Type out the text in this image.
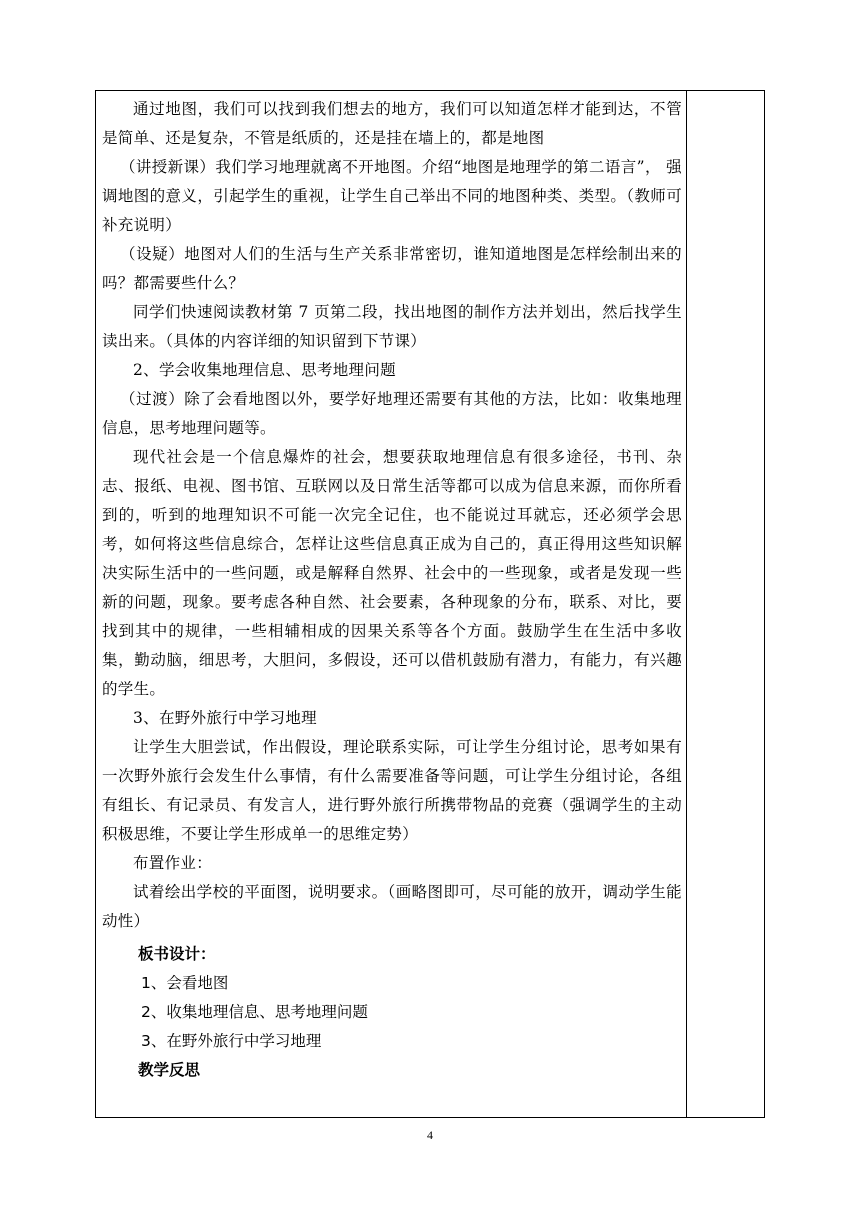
通过地图，我们可以找到我们想去的地方，我们可以知道怎样才能到达，不管是简单、还是复杂，不管是纸质的，还是挂在墙上的，都是地图

（讲授新课）我们学习地理就离不开地图。介绍“地图是地理学的第二语言”， 强调地图的意义，引起学生的重视，让学生自己举出不同的地图种类、类型。（教师可补充说明）

（设疑）地图对人们的生活与生产关系非常密切，谁知道地图是怎样绘制出来的吗？都需要些什么？

同学们快速阅读教材第 7 页第二段，找出地图的制作方法并划出，然后找学生读出来。（具体的内容详细的知识留到下节课）

2、学会收集地理信息、思考地理问题

（过渡）除了会看地图以外，要学好地理还需要有其他的方法，比如：收集地理信息，思考地理问题等。

现代社会是一个信息爆炸的社会，想要获取地理信息有很多途径，书刊、杂志、报纸、电视、图书馆、互联网以及日常生活等都可以成为信息来源，而你所看到的，听到的地理知识不可能一次完全记住，也不能说过耳就忘，还必须学会思考，如何将这些信息综合，怎样让这些信息真正成为自己的，真正得用这些知识解决实际生活中的一些问题，或是解释自然界、社会中的一些现象，或者是发现一些新的问题，现象。要考虑各种自然、社会要素，各种现象的分布，联系、对比，要找到其中的规律，一些相辅相成的因果关系等各个方面。鼓励学生在生活中多收集，勤动脑，细思考，大胆问，多假设，还可以借机鼓励有潜力，有能力，有兴趣的学生。

3、在野外旅行中学习地理

让学生大胆尝试，作出假设，理论联系实际，可让学生分组讨论，思考如果有一次野外旅行会发生什么事情，有什么需要准备等问题，可让学生分组讨论，各组有组长、有记录员、有发言人，进行野外旅行所携带物品的竞赛（强调学生的主动积极思维，不要让学生形成单一的思维定势）

布置作业：

试着绘出学校的平面图，说明要求。（画略图即可，尽可能的放开，调动学生能动性）

板书设计：

1、会看地图

2、收集地理信息、思考地理问题

3、在野外旅行中学习地理

教学反思

4
